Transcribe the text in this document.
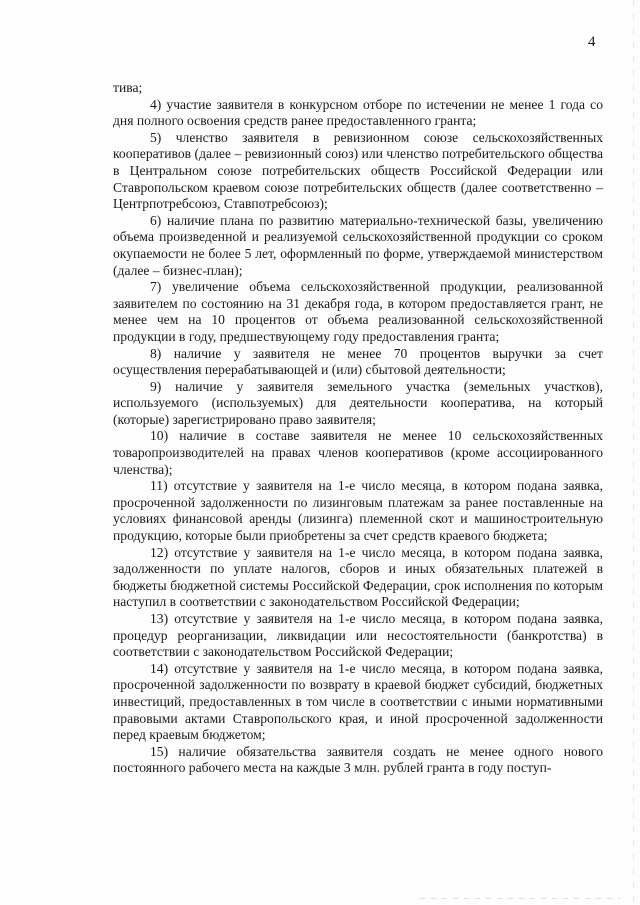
4

тива;

4) участие заявителя в конкурсном отборе по истечении не менее 1 года со дня полного освоения средств ранее предоставленного гранта;

5) членство заявителя в ревизионном союзе сельскохозяйственных кооперативов (далее – ревизионный союз) или членство потребительского общества в Центральном союзе потребительских обществ Российской Федерации или Ставропольском краевом союзе потребительских обществ (далее соответственно – Центрпотребсоюз, Ставпотребсоюз);

6) наличие плана по развитию материально-технической базы, увеличению объема произведенной и реализуемой сельскохозяйственной продукции со сроком окупаемости не более 5 лет, оформленный по форме, утверждаемой министерством (далее – бизнес-план);

7) увеличение объема сельскохозяйственной продукции, реализованной заявителем по состоянию на 31 декабря года, в котором предоставляется грант, не менее чем на 10 процентов от объема реализованной сельскохозяйственной продукции в году, предшествующему году предоставления гранта;

8) наличие у заявителя не менее 70 процентов выручки за счет осуществления перерабатывающей и (или) сбытовой деятельности;

9) наличие у заявителя земельного участка (земельных участков), используемого (используемых) для деятельности кооператива, на который (которые) зарегистрировано право заявителя;

10) наличие в составе заявителя не менее 10 сельскохозяйственных товаропроизводителей на правах членов кооперативов (кроме ассоциированного членства);

11) отсутствие у заявителя на 1-е число месяца, в котором подана заявка, просроченной задолженности по лизинговым платежам за ранее поставленные на условиях финансовой аренды (лизинга) племенной скот и машиностроительную продукцию, которые были приобретены за счет средств краевого бюджета;

12) отсутствие у заявителя на 1-е число месяца, в котором подана заявка, задолженности по уплате налогов, сборов и иных обязательных платежей в бюджеты бюджетной системы Российской Федерации, срок исполнения по которым наступил в соответствии с законодательством Российской Федерации;

13) отсутствие у заявителя на 1-е число месяца, в котором подана заявка, процедур реорганизации, ликвидации или несостоятельности (банкротства) в соответствии с законодательством Российской Федерации;

14) отсутствие у заявителя на 1-е число месяца, в котором подана заявка, просроченной задолженности по возврату в краевой бюджет субсидий, бюджетных инвестиций, предоставленных в том числе в соответствии с иными нормативными правовыми актами Ставропольского края, и иной просроченной задолженности перед краевым бюджетом;

15) наличие обязательства заявителя создать не менее одного нового постоянного рабочего места на каждые 3 млн. рублей гранта в году поступ-
